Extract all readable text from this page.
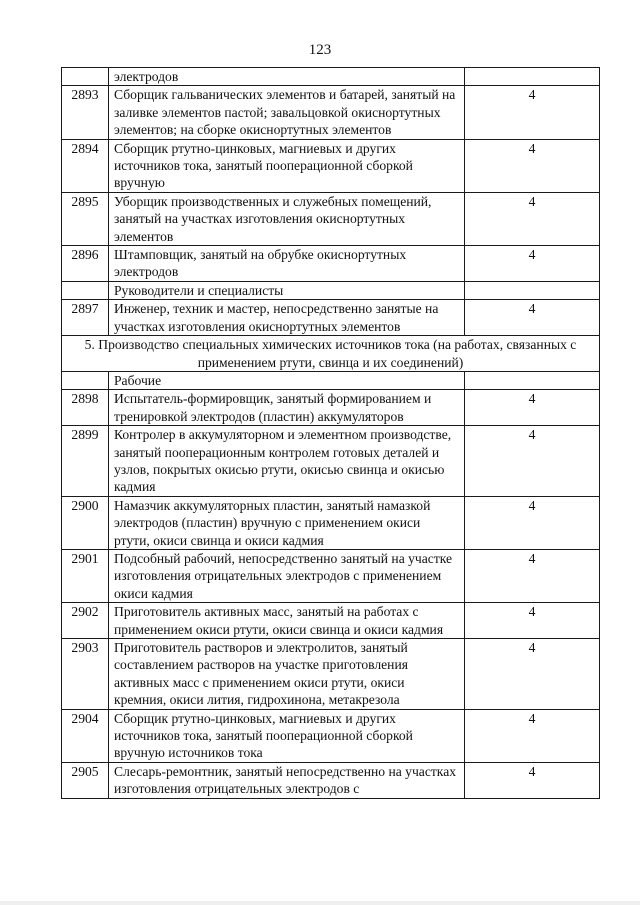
123
	электродов	
2893	Сборщик гальванических элементов и батарей, занятый на заливке элементов пастой; завальцовкой окиснортутных элементов; на сборке окиснортутных элементов	4
2894	Сборщик ртутно-цинковых, магниевых и других источников тока, занятый пооперационной сборкой вручную	4
2895	Уборщик производственных и служебных помещений, занятый на участках изготовления окиснортутных элементов	4
2896	Штамповщик, занятый на обрубке окиснортутных электродов	4
	Руководители и специалисты	
2897	Инженер, техник и мастер, непосредственно занятые на участках изготовления окиснортутных элементов	4
5. Производство специальных химических источников тока (на работах, связанных с применением ртути, свинца и их соединений)		
	Рабочие	
2898	Испытатель-формировщик, занятый формированием и тренировкой электродов (пластин) аккумуляторов	4
2899	Контролер в аккумуляторном и элементном производстве, занятый пооперационным контролем готовых деталей и узлов, покрытых окисью ртути, окисью свинца и окисью кадмия	4
2900	Намазчик аккумуляторных пластин, занятый намазкой электродов (пластин) вручную с применением окиси ртути, окиси свинца и окиси кадмия	4
2901	Подсобный рабочий, непосредственно занятый на участке изготовления отрицательных электродов с применением окиси кадмия	4
2902	Приготовитель активных масс, занятый на работах с применением окиси ртути, окиси свинца и окиси кадмия	4
2903	Приготовитель растворов и электролитов, занятый составлением растворов на участке приготовления активных масс с применением окиси ртути, окиси кремния, окиси лития, гидрохинона, метакрезола	4
2904	Сборщик ртутно-цинковых, магниевых и других источников тока, занятый пооперационной сборкой вручную источников тока	4
2905	Слесарь-ремонтник, занятый непосредственно на участках изготовления отрицательных электродов с	4
